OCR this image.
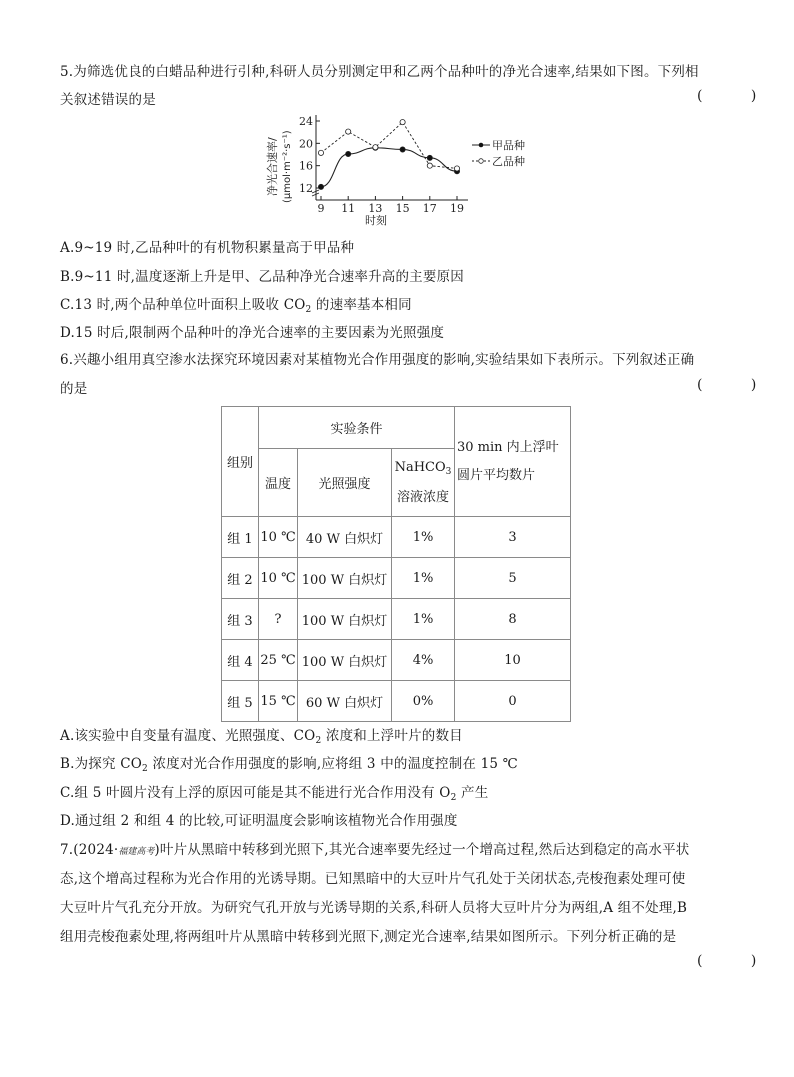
5.为筛选优良的白蜡品种进行引种,科研人员分别测定甲和乙两个品种叶的净光合速率,结果如下图。下列相
关叙述错误的是	( )
净光合速率/ (μmol·m⁻²·s⁻¹) 12
16
20
24
9 11 13 15 17 19
时刻
甲品种
乙品种
A.9~19 时,乙品种叶的有机物积累量高于甲品种
B.9~11 时,温度逐渐上升是甲、乙品种净光合速率升高的主要原因
C.13 时,两个品种单位叶面积上吸收 $CO_2$ 的速率基本相同
D.15 时后,限制两个品种叶的净光合速率的主要因素为光照强度
6.兴趣小组用真空渗水法探究环境因素对某植物光合作用强度的影响,实验结果如下表所示。下列叙述正确
的是	( )
组别	实验条件			30 min 内上浮叶
圆片平均数片

	温度	光照强度	NaHCO$_3$
溶液浓度	

组 1	10 ℃	40 W 白炽灯	1%	3
组 2	10 ℃	100 W 白炽灯	1%	5
组 3	?	100 W 白炽灯	1%	8
组 4	25 ℃	100 W 白炽灯	4%	10
组 5	15 ℃	60 W 白炽灯	0%	0
A.该实验中自变量有温度、光照强度、$CO_2$ 浓度和上浮叶片的数目
B.为探究 $CO_2$ 浓度对光合作用强度的影响,应将组 3 中的温度控制在 15 ℃
C.组 5 叶圆片没有上浮的原因可能是其不能进行光合作用没有 $O_2$ 产生
D.通过组 2 和组 4 的比较,可证明温度会影响该植物光合作用强度
7.(2024·福建高考)叶片从黑暗中转移到光照下,其光合速率要先经过一个增高过程,然后达到稳定的高水平状
态,这个增高过程称为光合作用的光诱导期。已知黑暗中的大豆叶片气孔处于关闭状态,壳梭孢素处理可使
大豆叶片气孔充分开放。为研究气孔开放与光诱导期的关系,科研人员将大豆叶片分为两组,A 组不处理,B
组用壳梭孢素处理,将两组叶片从黑暗中转移到光照下,测定光合速率,结果如图所示。下列分析正确的是
( )
